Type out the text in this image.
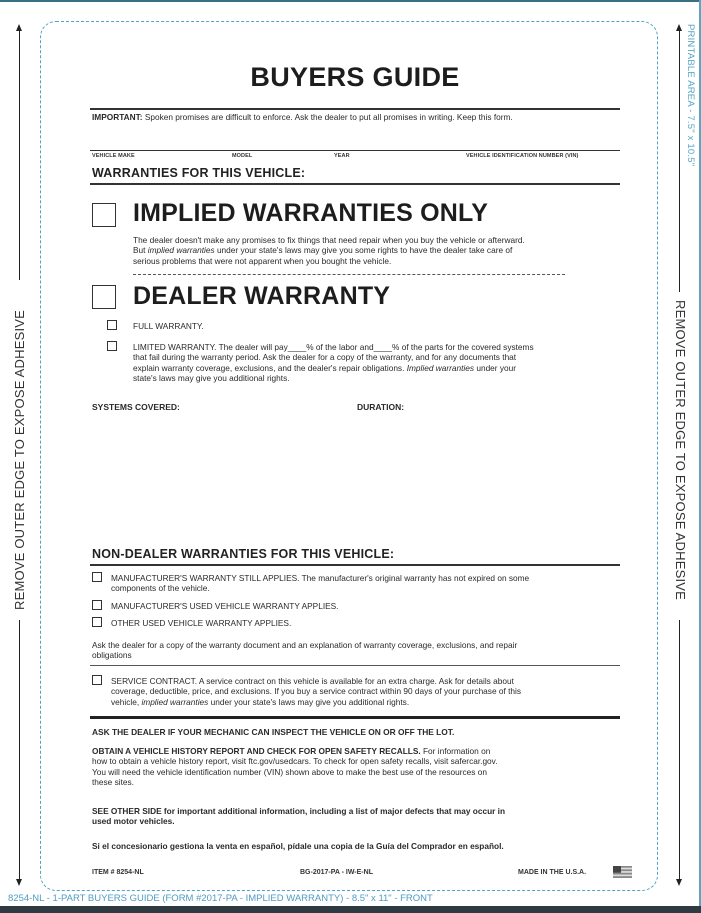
REMOVE OUTER EDGE TO EXPOSE ADHESIVE	REMOVE OUTER EDGE TO EXPOSE ADHESIVE
PRINTABLE AREA - 7.5" x 10.5"
BUYERS GUIDE
IMPORTANT: Spoken promises are difficult to enforce. Ask the dealer to put all promises in writing. Keep this form.
VEHICLE MAKE	MODEL	YEAR	VEHICLE IDENTIFICATION NUMBER (VIN)
WARRANTIES FOR THIS VEHICLE:
IMPLIED WARRANTIES ONLY
The dealer doesn't make any promises to fix things that need repair when you buy the vehicle or afterward.
But implied warranties under your state's laws may give you some rights to have the dealer take care of
serious problems that were not apparent when you bought the vehicle.
DEALER WARRANTY
FULL WARRANTY.
LIMITED WARRANTY. The dealer will pay____% of the labor and____% of the parts for the covered systems
that fail during the warranty period. Ask the dealer for a copy of the warranty, and for any documents that
explain warranty coverage, exclusions, and the dealer's repair obligations. Implied warranties under your
state's laws may give you additional rights.
SYSTEMS COVERED:	DURATION:
NON-DEALER WARRANTIES FOR THIS VEHICLE:
MANUFACTURER'S WARRANTY STILL APPLIES. The manufacturer's original warranty has not expired on some
components of the vehicle.
MANUFACTURER'S USED VEHICLE WARRANTY APPLIES.
OTHER USED VEHICLE WARRANTY APPLIES.
Ask the dealer for a copy of the warranty document and an explanation of warranty coverage, exclusions, and repair
obligations
SERVICE CONTRACT. A service contract on this vehicle is available for an extra charge. Ask for details about
coverage, deductible, price, and exclusions. If you buy a service contract within 90 days of your purchase of this
vehicle, implied warranties under your state's laws may give you additional rights.
ASK THE DEALER IF YOUR MECHANIC CAN INSPECT THE VEHICLE ON OR OFF THE LOT.
OBTAIN A VEHICLE HISTORY REPORT AND CHECK FOR OPEN SAFETY RECALLS. For information on
how to obtain a vehicle history report, visit ftc.gov/usedcars. To check for open safety recalls, visit safercar.gov.
You will need the vehicle identification number (VIN) shown above to make the best use of the resources on
these sites.
SEE OTHER SIDE for important additional information, including a list of major defects that may occur in
used motor vehicles.
Si el concesionario gestiona la venta en español, pídale una copia de la Guía del Comprador en español.
ITEM # 8254-NL	BG-2017-PA - IW-E-NL	MADE IN THE U.S.A.
8254-NL - 1-PART BUYERS GUIDE (FORM #2017-PA - IMPLIED WARRANTY) - 8.5" x 11" - FRONT
